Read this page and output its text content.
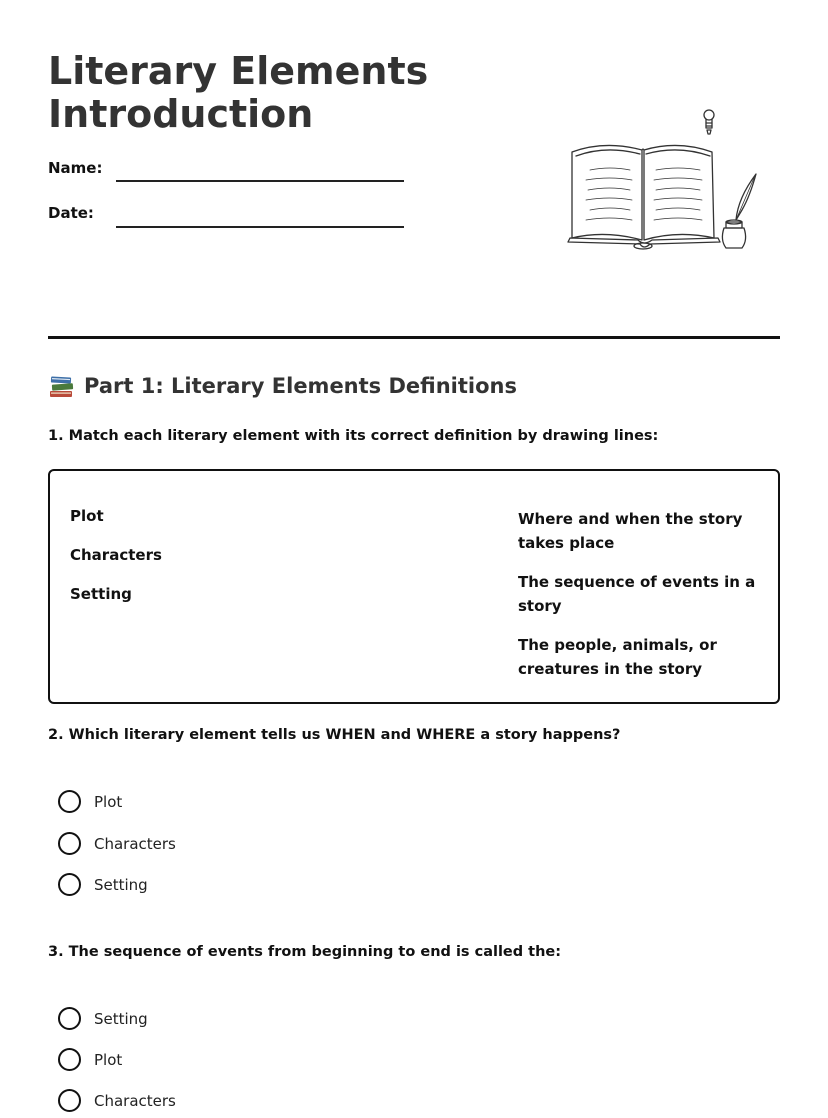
Literary Elements
Introduction
Name:
Date:
Part 1: Literary Elements Definitions
1. Match each literary element with its correct definition by drawing lines:
Plot
Characters
Setting
Where and when the story takes place
The sequence of events in a story
The people, animals, or creatures in the story
2. Which literary element tells us WHEN and WHERE a story happens?
Plot
Characters
Setting
3. The sequence of events from beginning to end is called the:
Setting
Plot
Characters
